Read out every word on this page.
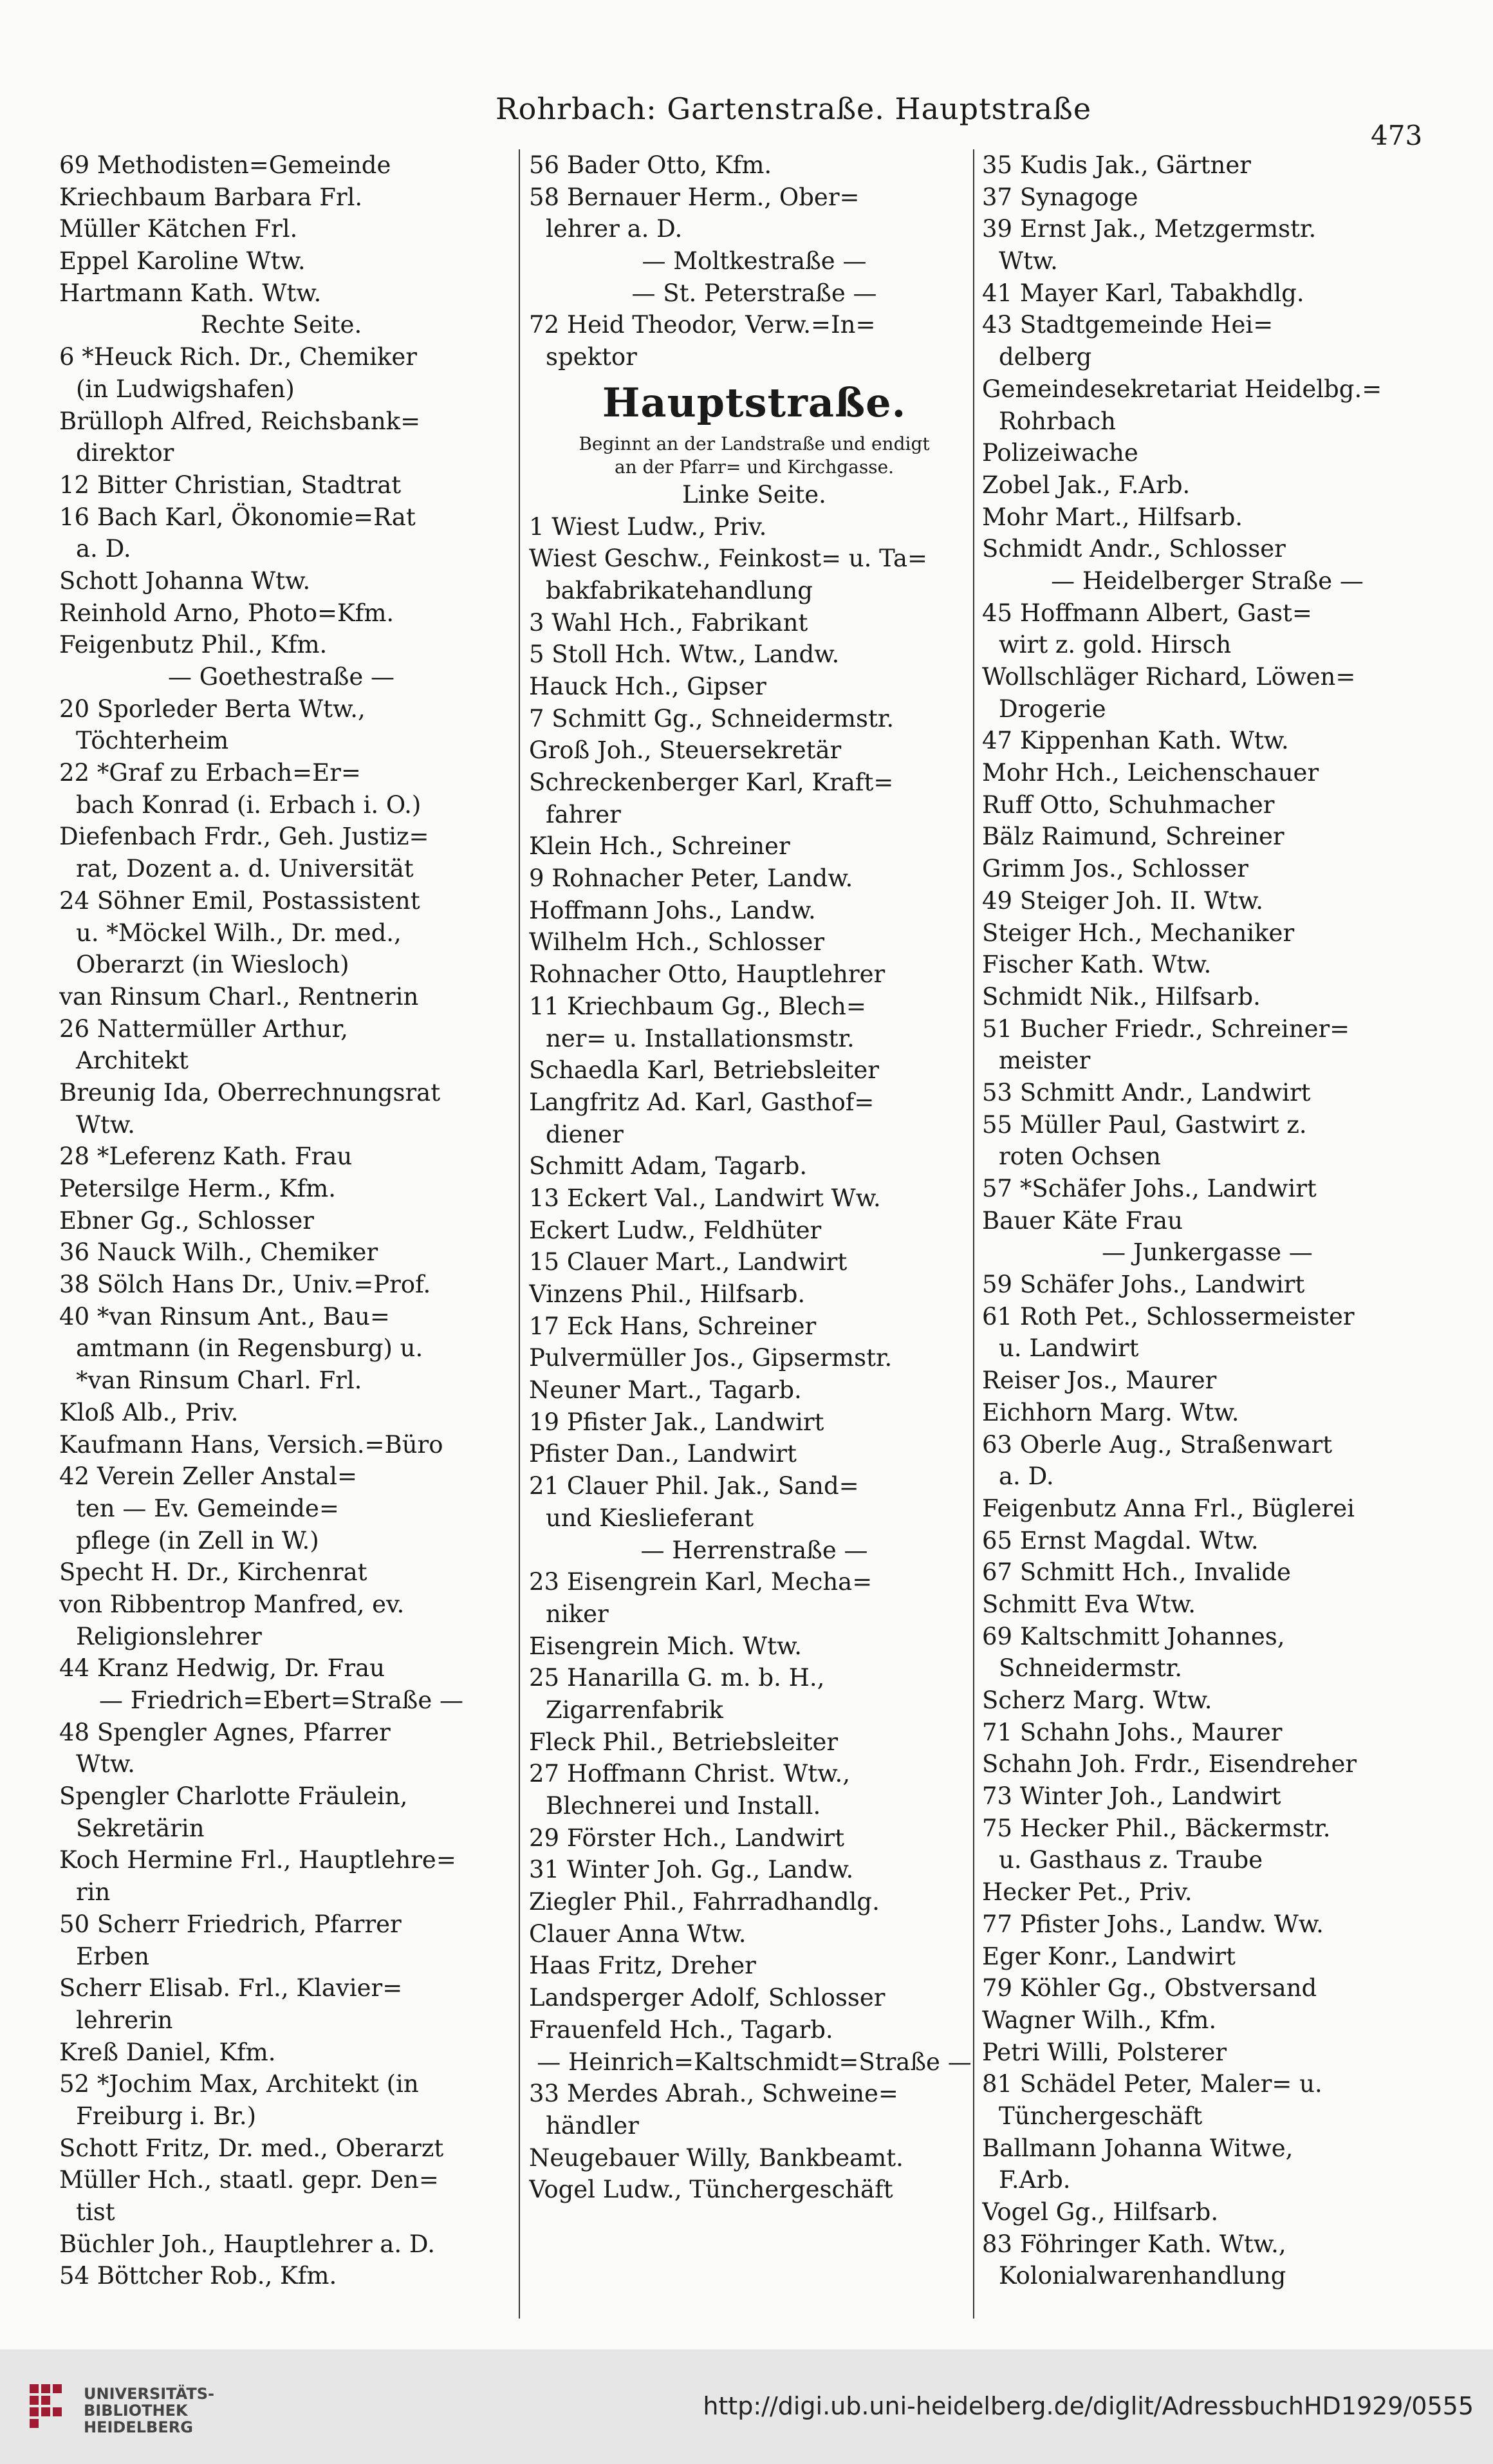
Rohrbach: Gartenstraße. Hauptstraße
473
69 Methodisten=Gemeinde
Kriechbaum Barbara Frl.
Müller Kätchen Frl.
Eppel Karoline Wtw.
Hartmann Kath. Wtw.
Rechte Seite.
6 *Heuck Rich. Dr., Chemiker
(in Ludwigshafen)
Brülloph Alfred, Reichsbank=
direktor
12 Bitter Christian, Stadtrat
16 Bach Karl, Ökonomie=Rat
a. D.
Schott Johanna Wtw.
Reinhold Arno, Photo=Kfm.
Feigenbutz Phil., Kfm.
— Goethestraße —
20 Sporleder Berta Wtw.,
Töchterheim
22 *Graf zu Erbach=Er=
bach Konrad (i. Erbach i. O.)
Diefenbach Frdr., Geh. Justiz=
rat, Dozent a. d. Universität
24 Söhner Emil, Postassistent
u. *Möckel Wilh., Dr. med.,
Oberarzt (in Wiesloch)
van Rinsum Charl., Rentnerin
26 Nattermüller Arthur,
Architekt
Breunig Ida, Oberrechnungsrat
Wtw.
28 *Leferenz Kath. Frau
Petersilge Herm., Kfm.
Ebner Gg., Schlosser
36 Nauck Wilh., Chemiker
38 Sölch Hans Dr., Univ.=Prof.
40 *van Rinsum Ant., Bau=
amtmann (in Regensburg) u.
*van Rinsum Charl. Frl.
Kloß Alb., Priv.
Kaufmann Hans, Versich.=Büro
42 Verein Zeller Anstal=
ten — Ev. Gemeinde=
pflege (in Zell in W.)
Specht H. Dr., Kirchenrat
von Ribbentrop Manfred, ev.
Religionslehrer
44 Kranz Hedwig, Dr. Frau
— Friedrich=Ebert=Straße —
48 Spengler Agnes, Pfarrer
Wtw.
Spengler Charlotte Fräulein,
Sekretärin
Koch Hermine Frl., Hauptlehre=
rin
50 Scherr Friedrich, Pfarrer
Erben
Scherr Elisab. Frl., Klavier=
lehrerin
Kreß Daniel, Kfm.
52 *Jochim Max, Architekt (in
Freiburg i. Br.)
Schott Fritz, Dr. med., Oberarzt
Müller Hch., staatl. gepr. Den=
tist
Büchler Joh., Hauptlehrer a. D.
54 Böttcher Rob., Kfm.
56 Bader Otto, Kfm.
58 Bernauer Herm., Ober=
lehrer a. D.
— Moltkestraße —
— St. Peterstraße —
72 Heid Theodor, Verw.=In=
spektor
Hauptstraße.
Beginnt an der Landstraße und endigt
an der Pfarr= und Kirchgasse.
Linke Seite.
1 Wiest Ludw., Priv.
Wiest Geschw., Feinkost= u. Ta=
bakfabrikatehandlung
3 Wahl Hch., Fabrikant
5 Stoll Hch. Wtw., Landw.
Hauck Hch., Gipser
7 Schmitt Gg., Schneidermstr.
Groß Joh., Steuersekretär
Schreckenberger Karl, Kraft=
fahrer
Klein Hch., Schreiner
9 Rohnacher Peter, Landw.
Hoffmann Johs., Landw.
Wilhelm Hch., Schlosser
Rohnacher Otto, Hauptlehrer
11 Kriechbaum Gg., Blech=
ner= u. Installationsmstr.
Schaedla Karl, Betriebsleiter
Langfritz Ad. Karl, Gasthof=
diener
Schmitt Adam, Tagarb.
13 Eckert Val., Landwirt Ww.
Eckert Ludw., Feldhüter
15 Clauer Mart., Landwirt
Vinzens Phil., Hilfsarb.
17 Eck Hans, Schreiner
Pulvermüller Jos., Gipsermstr.
Neuner Mart., Tagarb.
19 Pfister Jak., Landwirt
Pfister Dan., Landwirt
21 Clauer Phil. Jak., Sand=
und Kieslieferant
— Herrenstraße —
23 Eisengrein Karl, Mecha=
niker
Eisengrein Mich. Wtw.
25 Hanarilla G. m. b. H.,
Zigarrenfabrik
Fleck Phil., Betriebsleiter
27 Hoffmann Christ. Wtw.,
Blechnerei und Install.
29 Förster Hch., Landwirt
31 Winter Joh. Gg., Landw.
Ziegler Phil., Fahrradhandlg.
Clauer Anna Wtw.
Haas Fritz, Dreher
Landsperger Adolf, Schlosser
Frauenfeld Hch., Tagarb.
— Heinrich=Kaltschmidt=Straße —
33 Merdes Abrah., Schweine=
händler
Neugebauer Willy, Bankbeamt.
Vogel Ludw., Tünchergeschäft
35 Kudis Jak., Gärtner
37 Synagoge
39 Ernst Jak., Metzgermstr.
Wtw.
41 Mayer Karl, Tabakhdlg.
43 Stadtgemeinde Hei=
delberg
Gemeindesekretariat Heidelbg.=
Rohrbach
Polizeiwache
Zobel Jak., F.Arb.
Mohr Mart., Hilfsarb.
Schmidt Andr., Schlosser
— Heidelberger Straße —
45 Hoffmann Albert, Gast=
wirt z. gold. Hirsch
Wollschläger Richard, Löwen=
Drogerie
47 Kippenhan Kath. Wtw.
Mohr Hch., Leichenschauer
Ruff Otto, Schuhmacher
Bälz Raimund, Schreiner
Grimm Jos., Schlosser
49 Steiger Joh. II. Wtw.
Steiger Hch., Mechaniker
Fischer Kath. Wtw.
Schmidt Nik., Hilfsarb.
51 Bucher Friedr., Schreiner=
meister
53 Schmitt Andr., Landwirt
55 Müller Paul, Gastwirt z.
roten Ochsen
57 *Schäfer Johs., Landwirt
Bauer Käte Frau
— Junkergasse —
59 Schäfer Johs., Landwirt
61 Roth Pet., Schlossermeister
u. Landwirt
Reiser Jos., Maurer
Eichhorn Marg. Wtw.
63 Oberle Aug., Straßenwart
a. D.
Feigenbutz Anna Frl., Büglerei
65 Ernst Magdal. Wtw.
67 Schmitt Hch., Invalide
Schmitt Eva Wtw.
69 Kaltschmitt Johannes,
Schneidermstr.
Scherz Marg. Wtw.
71 Schahn Johs., Maurer
Schahn Joh. Frdr., Eisendreher
73 Winter Joh., Landwirt
75 Hecker Phil., Bäckermstr.
u. Gasthaus z. Traube
Hecker Pet., Priv.
77 Pfister Johs., Landw. Ww.
Eger Konr., Landwirt
79 Köhler Gg., Obstversand
Wagner Wilh., Kfm.
Petri Willi, Polsterer
81 Schädel Peter, Maler= u.
Tünchergeschäft
Ballmann Johanna Witwe,
F.Arb.
Vogel Gg., Hilfsarb.
83 Föhringer Kath. Wtw.,
Kolonialwarenhandlung
UNIVERSITÄTS-
BIBLIOTHEK
HEIDELBERG
http://digi.ub.uni-heidelberg.de/diglit/AdressbuchHD1929/0555
